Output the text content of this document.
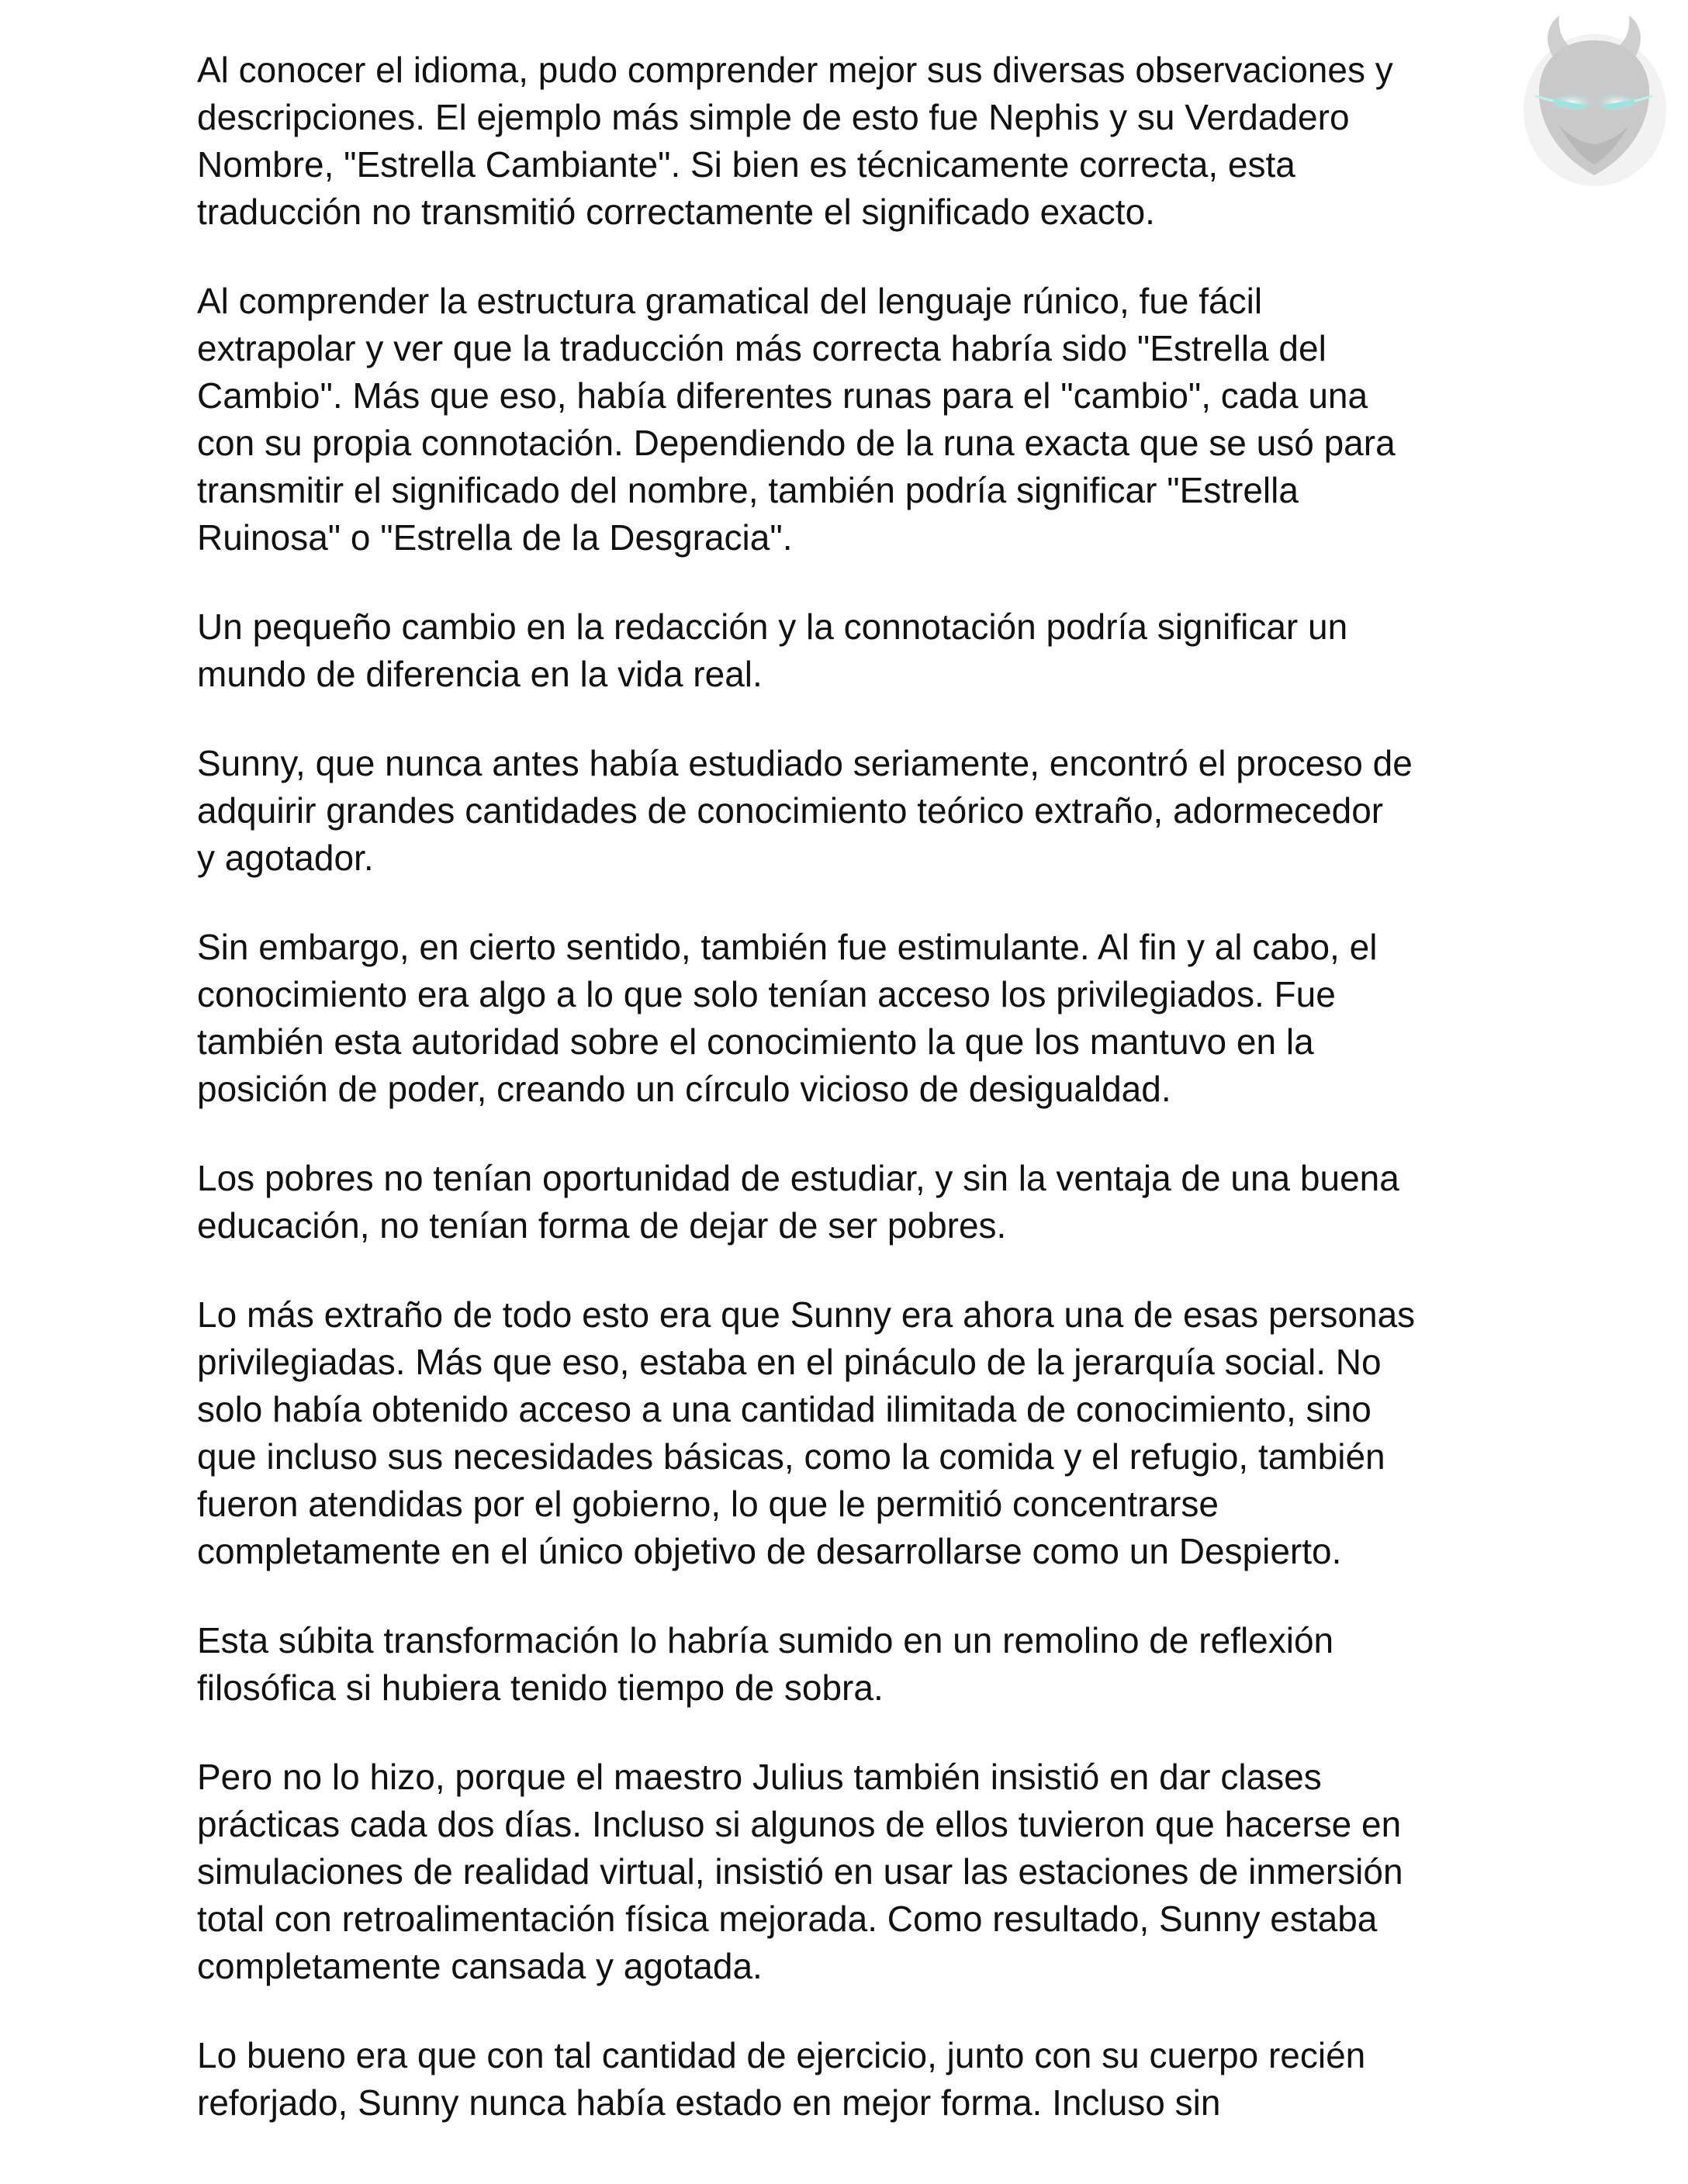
Al conocer el idioma, pudo comprender mejor sus diversas observaciones y
descripciones. El ejemplo más simple de esto fue Nephis y su Verdadero
Nombre, "Estrella Cambiante". Si bien es técnicamente correcta, esta
traducción no transmitió correctamente el significado exacto.

Al comprender la estructura gramatical del lenguaje rúnico, fue fácil
extrapolar y ver que la traducción más correcta habría sido "Estrella del
Cambio". Más que eso, había diferentes runas para el "cambio", cada una
con su propia connotación. Dependiendo de la runa exacta que se usó para
transmitir el significado del nombre, también podría significar "Estrella
Ruinosa" o "Estrella de la Desgracia".

Un pequeño cambio en la redacción y la connotación podría significar un
mundo de diferencia en la vida real.

Sunny, que nunca antes había estudiado seriamente, encontró el proceso de
adquirir grandes cantidades de conocimiento teórico extraño, adormecedor
y agotador.

Sin embargo, en cierto sentido, también fue estimulante. Al fin y al cabo, el
conocimiento era algo a lo que solo tenían acceso los privilegiados. Fue
también esta autoridad sobre el conocimiento la que los mantuvo en la
posición de poder, creando un círculo vicioso de desigualdad.

Los pobres no tenían oportunidad de estudiar, y sin la ventaja de una buena
educación, no tenían forma de dejar de ser pobres.

Lo más extraño de todo esto era que Sunny era ahora una de esas personas
privilegiadas. Más que eso, estaba en el pináculo de la jerarquía social. No
solo había obtenido acceso a una cantidad ilimitada de conocimiento, sino
que incluso sus necesidades básicas, como la comida y el refugio, también
fueron atendidas por el gobierno, lo que le permitió concentrarse
completamente en el único objetivo de desarrollarse como un Despierto.

Esta súbita transformación lo habría sumido en un remolino de reflexión
filosófica si hubiera tenido tiempo de sobra.

Pero no lo hizo, porque el maestro Julius también insistió en dar clases
prácticas cada dos días. Incluso si algunos de ellos tuvieron que hacerse en
simulaciones de realidad virtual, insistió en usar las estaciones de inmersión
total con retroalimentación física mejorada. Como resultado, Sunny estaba
completamente cansada y agotada.

Lo bueno era que con tal cantidad de ejercicio, junto con su cuerpo recién
reforjado, Sunny nunca había estado en mejor forma. Incluso sin
